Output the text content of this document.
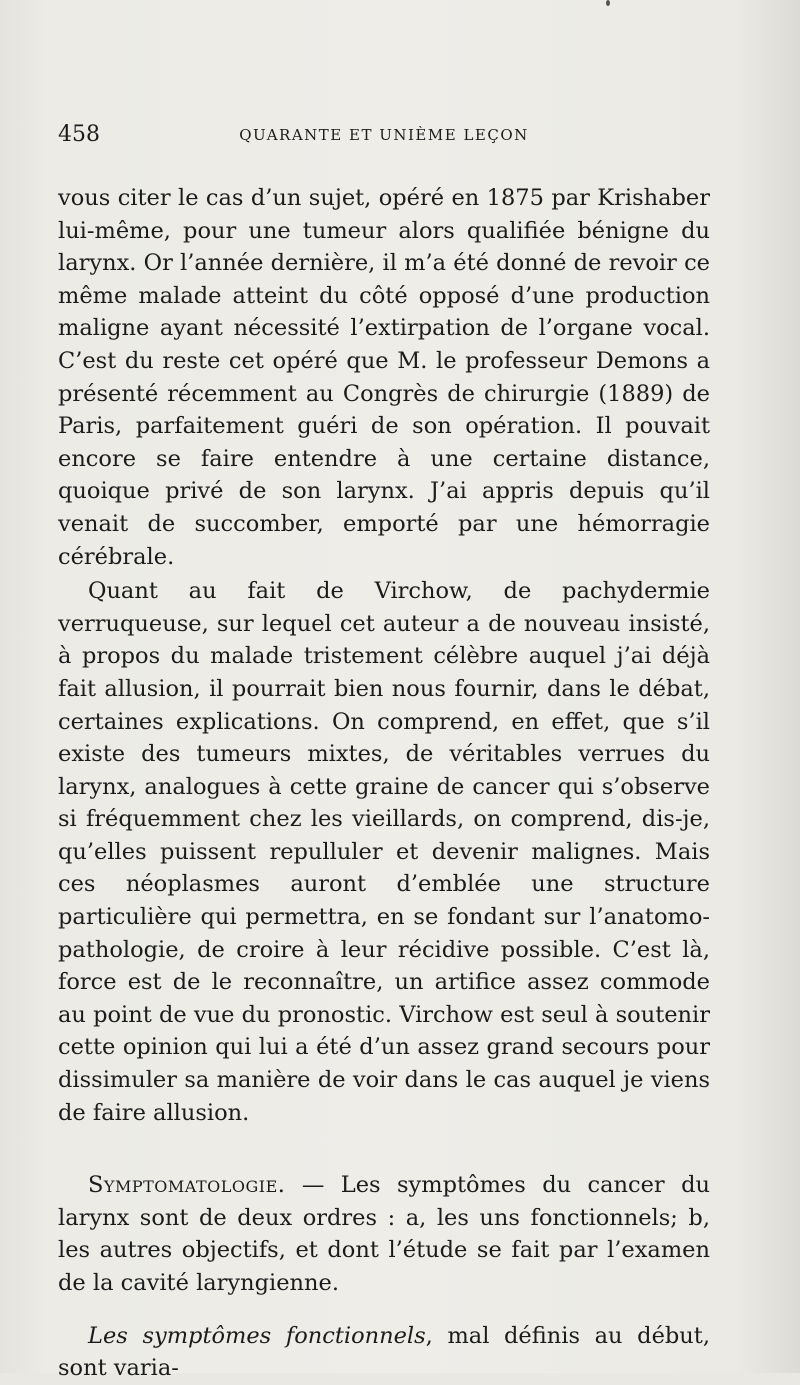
458	QUARANTE ET UNIÈME LEÇON

vous citer le cas d’un sujet, opéré en 1875 par Krishaber lui-même, pour une tumeur alors qualifiée bénigne du larynx. Or l’année dernière, il m’a été donné de revoir ce même malade atteint du côté opposé d’une production maligne ayant nécessité l’extirpation de l’organe vocal. C’est du reste cet opéré que M. le professeur Demons a présenté récemment au Congrès de chirurgie (1889) de Paris, parfaitement guéri de son opération. Il pouvait encore se faire entendre à une certaine distance, quoique privé de son larynx. J’ai appris depuis qu’il venait de succomber, emporté par une hémorragie cérébrale.

Quant au fait de Virchow, de pachydermie verruqueuse, sur lequel cet auteur a de nouveau insisté, à propos du malade tristement célèbre auquel j’ai déjà fait allusion, il pourrait bien nous fournir, dans le débat, certaines explications. On comprend, en effet, que s’il existe des tumeurs mixtes, de véritables verrues du larynx, analogues à cette graine de cancer qui s’observe si fréquemment chez les vieillards, on comprend, dis-je, qu’elles puissent repulluler et devenir malignes. Mais ces néoplasmes auront d’emblée une structure particulière qui permettra, en se fondant sur l’anatomo-pathologie, de croire à leur récidive possible. C’est là, force est de le reconnaître, un artifice assez commode au point de vue du pronostic. Virchow est seul à soutenir cette opinion qui lui a été d’un assez grand secours pour dissimuler sa manière de voir dans le cas auquel je viens de faire allusion.

Symptomatologie. — Les symptômes du cancer du larynx sont de deux ordres : a, les uns fonctionnels; b, les autres objectifs, et dont l’étude se fait par l’examen de la cavité laryngienne.

Les symptômes fonctionnels, mal définis au début, sont varia-
